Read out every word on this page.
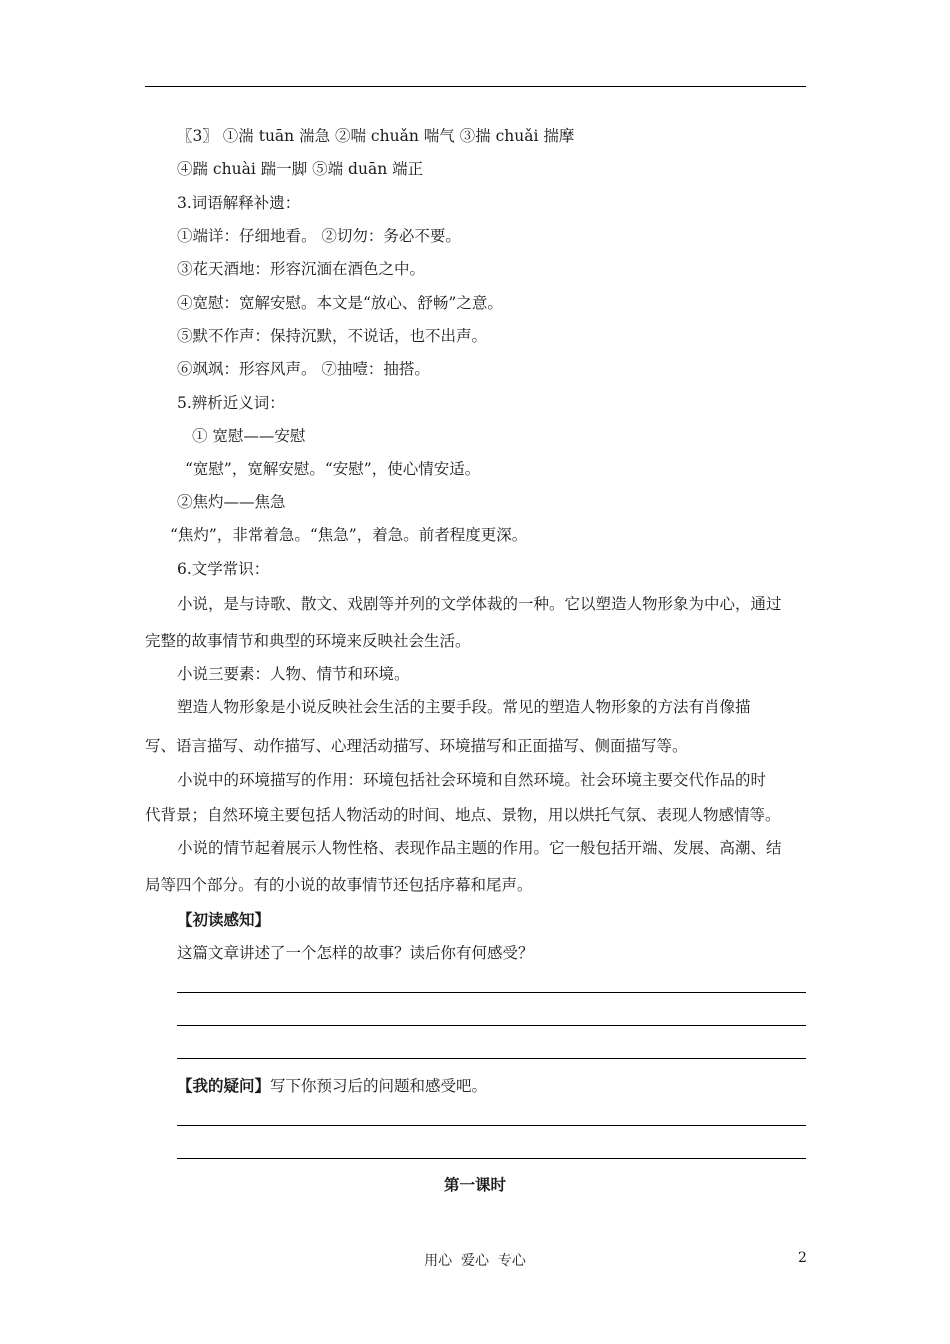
〖3〗 ①湍 tuān 湍急 ②喘 chuǎn 喘气 ③揣 chuǎi 揣摩
④踹 chuài 踹一脚 ⑤端 duān 端正
3.词语解释补遗：
①端详：仔细地看。 ②切勿：务必不要。
③花天酒地：形容沉湎在酒色之中。
④宽慰：宽解安慰。本文是“放心、舒畅”之意。
⑤默不作声：保持沉默，不说话，也不出声。
⑥飒飒：形容风声。 ⑦抽噎：抽搭。
5.辨析近义词：
① 宽慰——安慰
“宽慰”，宽解安慰。“安慰”，使心情安适。
②焦灼——焦急
“焦灼”，非常着急。“焦急”，着急。前者程度更深。
6.文学常识：
小说，是与诗歌、散文、戏剧等并列的文学体裁的一种。它以塑造人物形象为中心，通过
完整的故事情节和典型的环境来反映社会生活。
小说三要素：人物、情节和环境。
塑造人物形象是小说反映社会生活的主要手段。常见的塑造人物形象的方法有肖像描
写、语言描写、动作描写、心理活动描写、环境描写和正面描写、侧面描写等。
小说中的环境描写的作用：环境包括社会环境和自然环境。社会环境主要交代作品的时
代背景；自然环境主要包括人物活动的时间、地点、景物，用以烘托气氛、表现人物感情等。
小说的情节起着展示人物性格、表现作品主题的作用。它一般包括开端、发展、高潮、结
局等四个部分。有的小说的故事情节还包括序幕和尾声。
【初读感知】
这篇文章讲述了一个怎样的故事？读后你有何感受？
【我的疑问】写下你预习后的问题和感受吧。
第一课时
用心  爱心  专心	2
